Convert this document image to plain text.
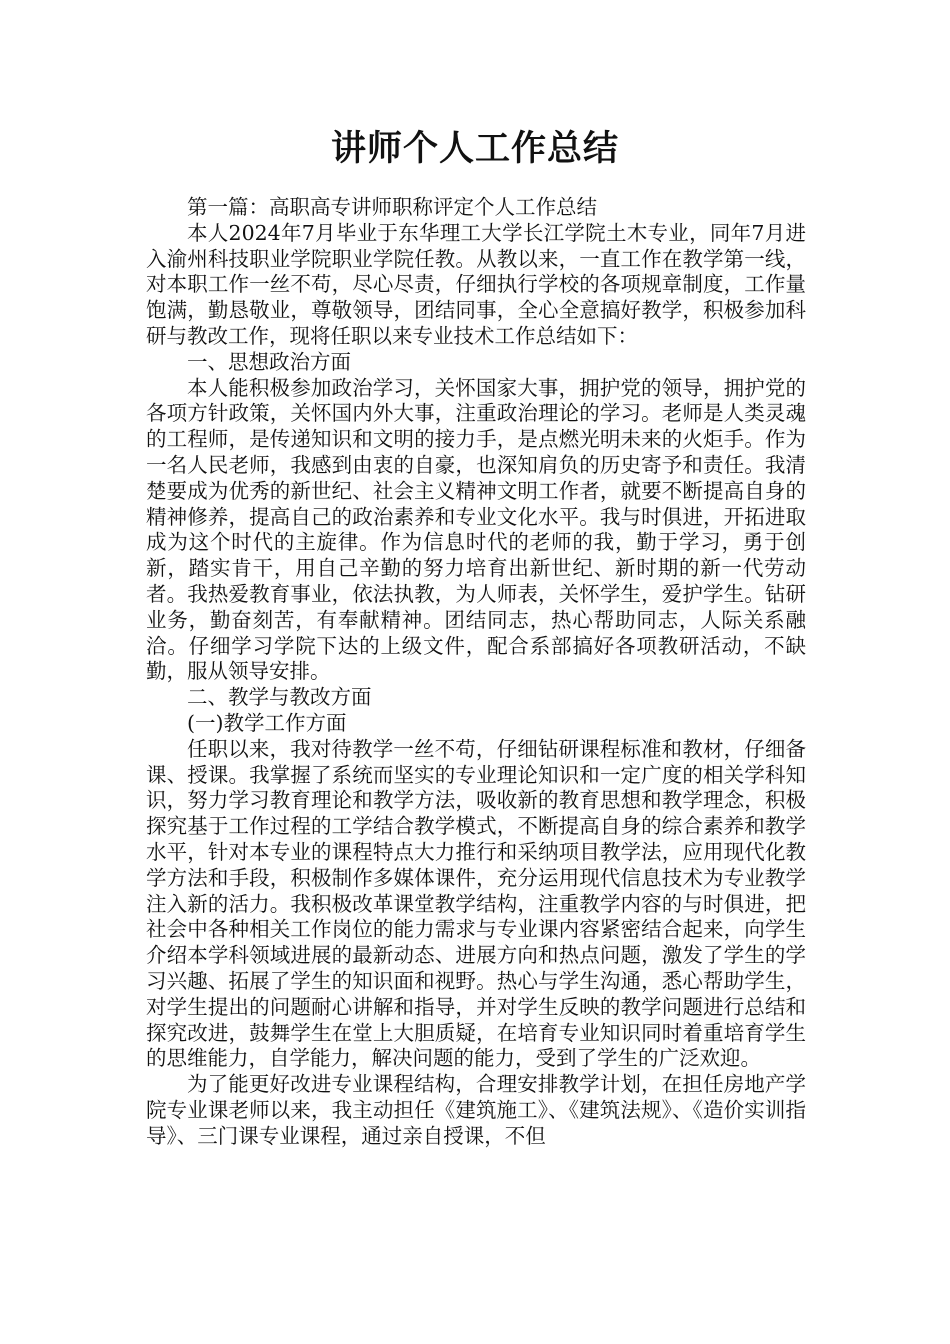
讲师个人工作总结

第一篇：高职高专讲师职称评定个人工作总结

本人2024年7月毕业于东华理工大学长江学院土木专业，同年7月进入渝州科技职业学院职业学院任教。从教以来，一直工作在教学第一线，对本职工作一丝不苟，尽心尽责，仔细执行学校的各项规章制度，工作量饱满，勤恳敬业，尊敬领导，团结同事，全心全意搞好教学，积极参加科研与教改工作，现将任职以来专业技术工作总结如下：

一、思想政治方面

本人能积极参加政治学习，关怀国家大事，拥护党的领导，拥护党的各项方针政策，关怀国内外大事，注重政治理论的学习。老师是人类灵魂的工程师，是传递知识和文明的接力手，是点燃光明未来的火炬手。作为一名人民老师，我感到由衷的自豪，也深知肩负的历史寄予和责任。我清楚要成为优秀的新世纪、社会主义精神文明工作者，就要不断提高自身的精神修养，提高自己的政治素养和专业文化水平。我与时俱进，开拓进取成为这个时代的主旋律。作为信息时代的老师的我，勤于学习，勇于创新，踏实肯干，用自己辛勤的努力培育出新世纪、新时期的新一代劳动者。我热爱教育事业，依法执教，为人师表，关怀学生，爱护学生。钻研业务，勤奋刻苦，有奉献精神。团结同志，热心帮助同志，人际关系融洽。仔细学习学院下达的上级文件，配合系部搞好各项教研活动，不缺勤，服从领导安排。

二、教学与教改方面

(一)教学工作方面

任职以来，我对待教学一丝不苟，仔细钻研课程标准和教材，仔细备课、授课。我掌握了系统而坚实的专业理论知识和一定广度的相关学科知识，努力学习教育理论和教学方法，吸收新的教育思想和教学理念，积极探究基于工作过程的工学结合教学模式，不断提高自身的综合素养和教学水平，针对本专业的课程特点大力推行和采纳项目教学法，应用现代化教学方法和手段，积极制作多媒体课件，充分运用现代信息技术为专业教学注入新的活力。我积极改革课堂教学结构，注重教学内容的与时俱进，把社会中各种相关工作岗位的能力需求与专业课内容紧密结合起来，向学生介绍本学科领域进展的最新动态、进展方向和热点问题，激发了学生的学习兴趣、拓展了学生的知识面和视野。热心与学生沟通，悉心帮助学生，对学生提出的问题耐心讲解和指导，并对学生反映的教学问题进行总结和探究改进，鼓舞学生在堂上大胆质疑，在培育专业知识同时着重培育学生的思维能力，自学能力，解决问题的能力，受到了学生的广泛欢迎。

为了能更好改进专业课程结构，合理安排教学计划，在担任房地产学院专业课老师以来，我主动担任《建筑施工》、《建筑法规》、《造价实训指导》、三门课专业课程，通过亲自授课，不但
